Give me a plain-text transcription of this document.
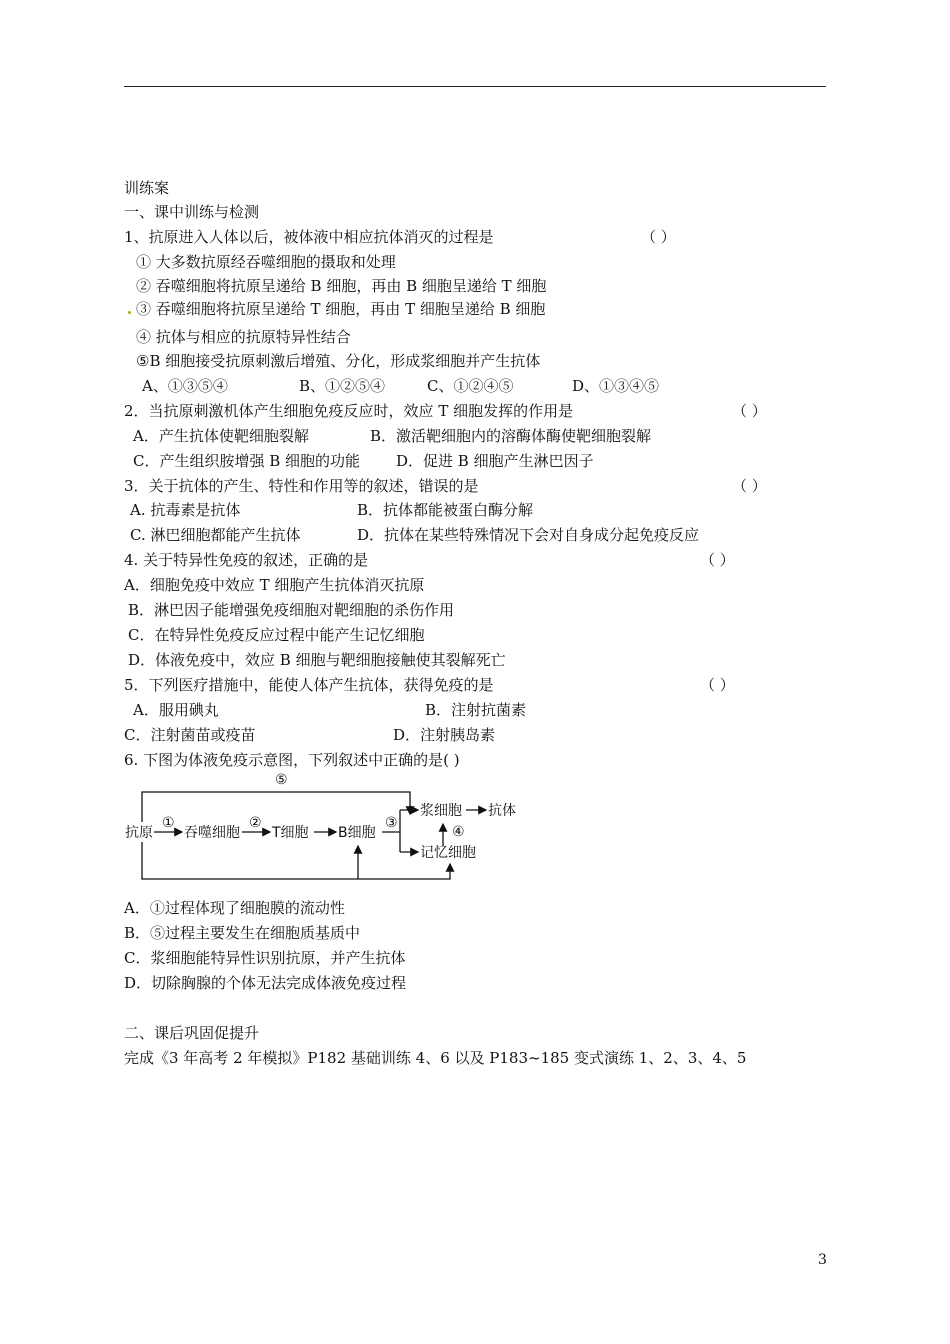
训练案
一、课中训练与检测
1、抗原进入人体以后，被体液中相应抗体消灭的过程是	（ ）
① 大多数抗原经吞噬细胞的摄取和处理
② 吞噬细胞将抗原呈递给 B 细胞，再由 B 细胞呈递给 T 细胞
③ 吞噬细胞将抗原呈递给 T 细胞，再由 T 细胞呈递给 B 细胞
④ 抗体与相应的抗原特异性结合
⑤B 细胞接受抗原刺激后增殖、分化，形成浆细胞并产生抗体
A、①③⑤④	B、①②⑤④	C、①②④⑤	D、①③④⑤
2．当抗原刺激机体产生细胞免疫反应时，效应 T 细胞发挥的作用是	（ ）
A．产生抗体使靶细胞裂解	B．激活靶细胞内的溶酶体酶使靶细胞裂解
C．产生组织胺增强 B 细胞的功能 D．促进 B 细胞产生淋巴因子
3．关于抗体的产生、特性和作用等的叙述，错误的是	（ ）
A. 抗毒素是抗体	B．抗体都能被蛋白酶分解
C. 淋巴细胞都能产生抗体	D．抗体在某些特殊情况下会对自身成分起免疫反应
4. 关于特异性免疫的叙述，正确的是	（ ）
A．细胞免疫中效应 T 细胞产生抗体消灭抗原
B．淋巴因子能增强免疫细胞对靶细胞的杀伤作用
C．在特异性免疫反应过程中能产生记忆细胞
D．体液免疫中，效应 B 细胞与靶细胞接触使其裂解死亡
5．下列医疗措施中，能使人体产生抗体，获得免疫的是	（ ）
A．服用碘丸	B．注射抗菌素
C．注射菌苗或疫苗	D．注射胰岛素
6. 下图为体液免疫示意图，下列叙述中正确的是( )
⑤
抗原
①
吞噬细胞
②
T细胞 B细胞
③
浆细胞 抗体
④
记忆细胞
A．①过程体现了细胞膜的流动性
B．⑤过程主要发生在细胞质基质中
C．浆细胞能特异性识别抗原，并产生抗体
D．切除胸腺的个体无法完成体液免疫过程
二、课后巩固促提升
完成《3 年高考 2 年模拟》P182 基础训练 4、6 以及 P183~185 变式演练 1、2、3、4、5
3
